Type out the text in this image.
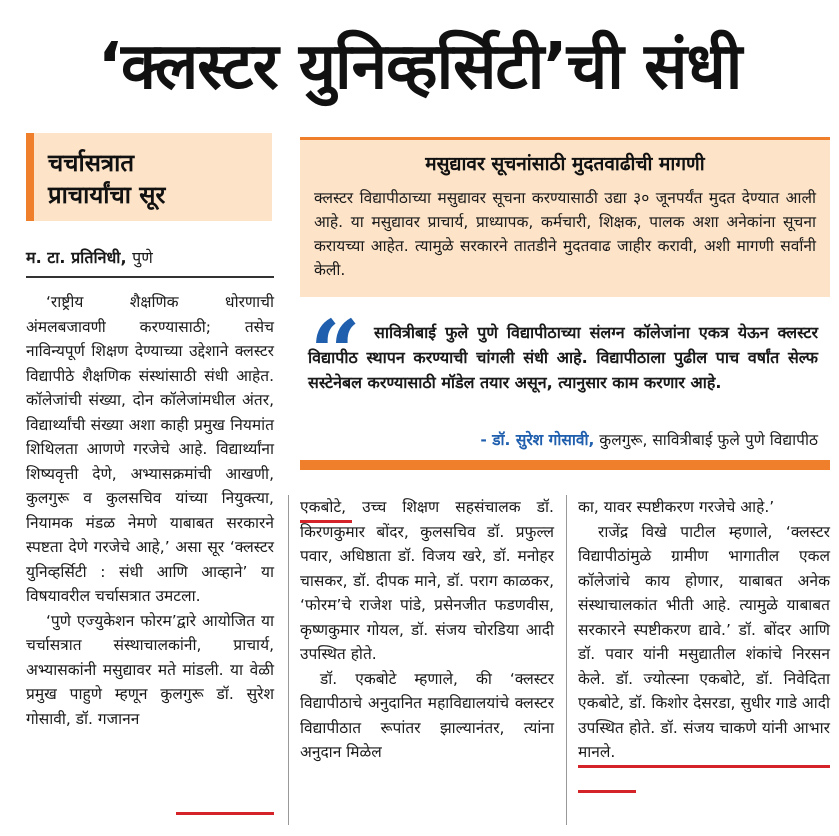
‘क्लस्टर युनिव्हर्सिटी’ची संधी
चर्चासत्रात
प्राचार्यांचा सूर
म. टा. प्रतिनिधी, पुणे

‘राष्ट्रीय शैक्षणिक धोरणाची अंमलबजावणी करण्यासाठी; तसेच नाविन्यपूर्ण शिक्षण देण्याच्या उद्देशाने क्लस्टर विद्यापीठे शैक्षणिक संस्थांसाठी संधी आहेत. कॉलेजांची संख्या, दोन कॉलेजांमधील अंतर, विद्यार्थ्यांची संख्या अशा काही प्रमुख नियमांत शिथिलता आणणे गरजेचे आहे. विद्यार्थ्यांना शिष्यवृत्ती देणे, अभ्यासक्रमांची आखणी, कुलगुरू व कुलसचिव यांच्या नियुक्त्या, नियामक मंडळ नेमणे याबाबत सरकारने स्पष्टता देणे गरजेचे आहे,’ असा सूर ‘क्लस्टर युनिव्हर्सिटी : संधी आणि आव्हाने’ या विषयावरील चर्चासत्रात उमटला.

‘पुणे एज्युकेशन फोरम’द्वारे आयोजित या चर्चासत्रात संस्थाचालकांनी, प्राचार्य, अभ्यासकांनी मसुद्यावर मते मांडली. या वेळी प्रमुख पाहुणे म्हणून कुलगुरू डॉ. सुरेश गोसावी, डॉ. गजानन

मसुद्यावर सूचनांसाठी मुदतवाढीची मागणी
क्लस्टर विद्यापीठाच्या मसुद्यावर सूचना करण्यासाठी उद्या ३० जूनपर्यंत मुदत देण्यात आली आहे. या मसुद्यावर प्राचार्य, प्राध्यापक, कर्मचारी, शिक्षक, पालक अशा अनेकांना सूचना करायच्या आहेत. त्यामुळे सरकारने तातडीने मुदतवाढ जाहीर करावी, अशी मागणी सर्वांनी केली.
“ सावित्रीबाई फुले पुणे विद्यापीठाच्या संलग्न कॉलेजांना एकत्र येऊन क्लस्टर विद्यापीठ स्थापन करण्याची चांगली संधी आहे. विद्यापीठाला पुढील पाच वर्षांत सेल्फ सस्टेनेबल करण्यासाठी मॉडेल तयार असून, त्यानुसार काम करणार आहे.
- डॉ. सुरेश गोसावी, कुलगुरू, सावित्रीबाई फुले पुणे विद्यापीठ

एकबोटे, उच्च शिक्षण सहसंचालक डॉ. किरणकुमार बोंदर, कुलसचिव डॉ. प्रफुल्ल पवार, अधिष्ठाता डॉ. विजय खरे, डॉ. मनोहर चासकर, डॉ. दीपक माने, डॉ. पराग काळकर, ‘फोरम’चे राजेश पांडे, प्रसेनजीत फडणवीस, कृष्णकुमार गोयल, डॉ. संजय चोरडिया आदी उपस्थित होते.

डॉ. एकबोटे म्हणाले, की ‘क्लस्टर विद्यापीठाचे अनुदानित महाविद्यालयांचे क्लस्टर विद्यापीठात रूपांतर झाल्यानंतर, त्यांना अनुदान मिळेल

का, यावर स्पष्टीकरण गरजेचे आहे.’

राजेंद्र विखे पाटील म्हणाले, ‘क्लस्टर विद्यापीठांमुळे ग्रामीण भागातील एकल कॉलेजांचे काय होणार, याबाबत अनेक संस्थाचालकांत भीती आहे. त्यामुळे याबाबत सरकारने स्पष्टीकरण द्यावे.’ डॉ. बोंदर आणि डॉ. पवार यांनी मसुद्यातील शंकांचे निरसन केले. डॉ. ज्योत्स्ना एकबोटे, डॉ. निवेदिता एकबोटे, डॉ. किशोर देसरडा, सुधीर गाडे आदी उपस्थित होते. डॉ. संजय चाकणे यांनी आभार मानले.
